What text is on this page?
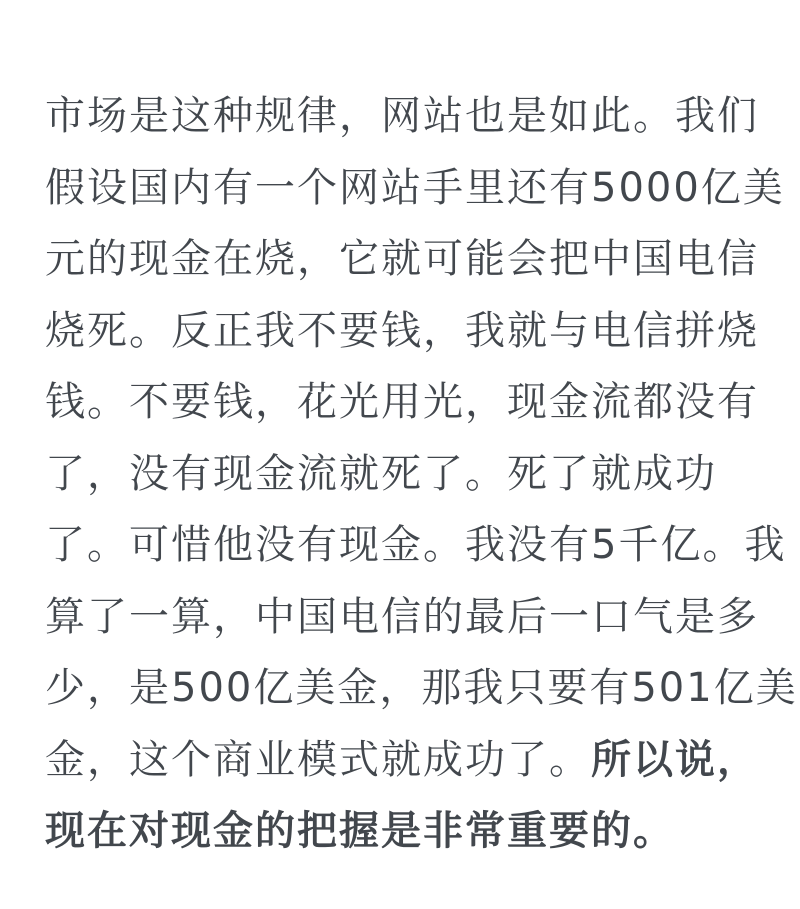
市场是这种规律，网站也是如此。我们
假设国内有一个网站手里还有5000亿美
元的现金在烧，它就可能会把中国电信
烧死。反正我不要钱，我就与电信拼烧
钱。不要钱，花光用光，现金流都没有
了，没有现金流就死了。死了就成功
了。可惜他没有现金。我没有5千亿。我
算了一算，中国电信的最后一口气是多
少，是500亿美金，那我只要有501亿美
金，这个商业模式就成功了。所以说，
现在对现金的把握是非常重要的。
